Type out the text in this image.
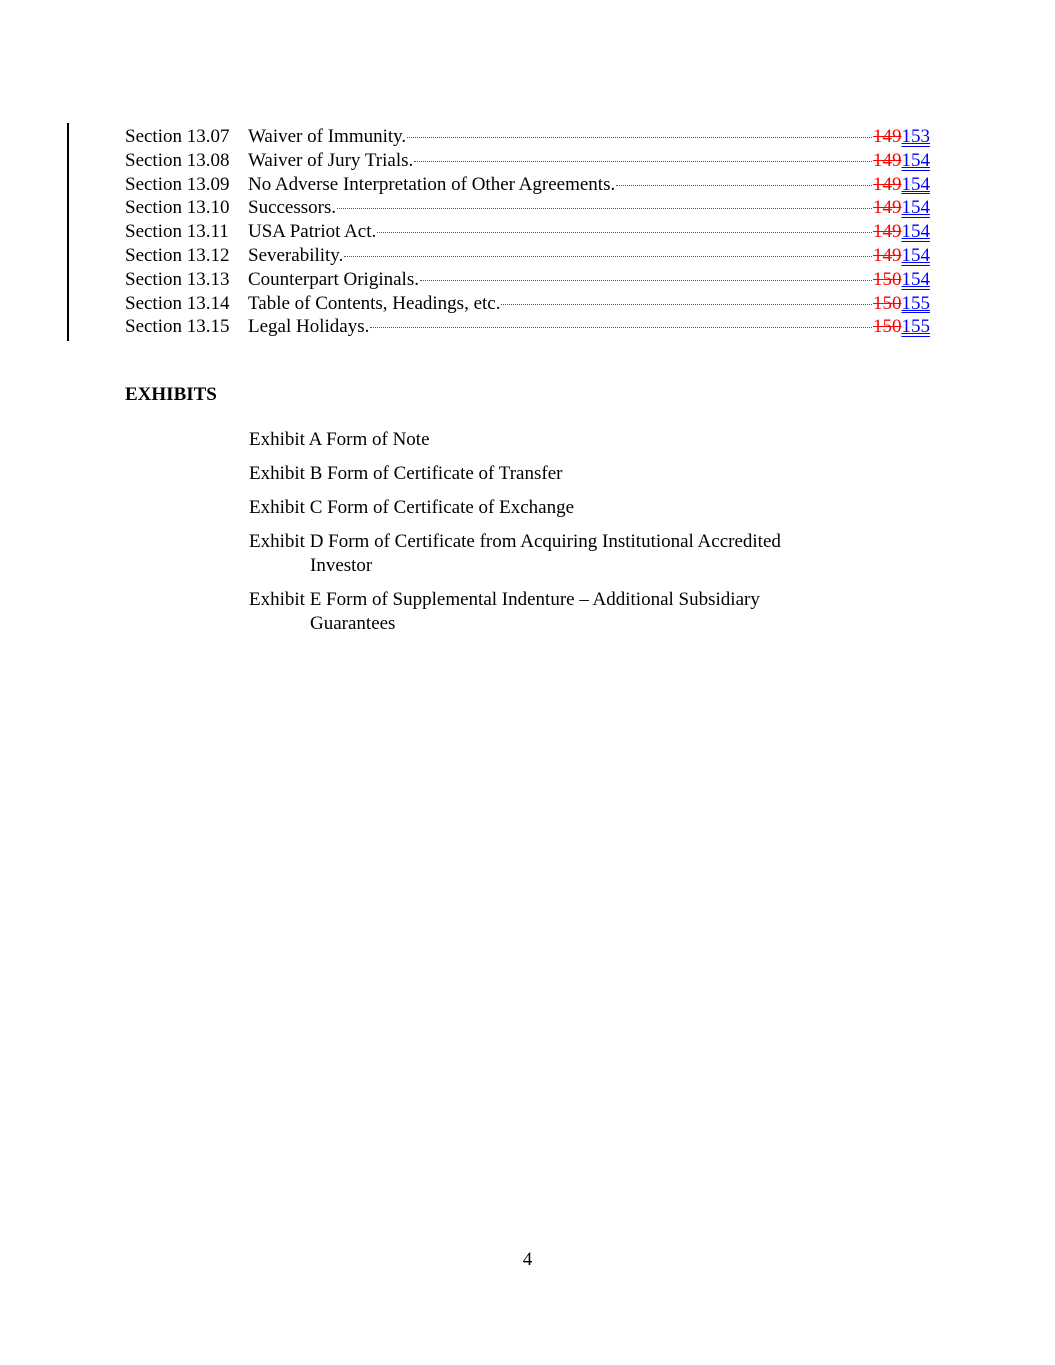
Section 13.07 Waiver of Immunity.	149 153
Section 13.08 Waiver of Jury Trials.	149 154
Section 13.09 No Adverse Interpretation of Other Agreements.	149 154
Section 13.10 Successors.	149 154
Section 13.11	USA Patriot Act.	149 154
Section 13.12 Severability.	149 154
Section 13.13 Counterpart Originals.	150 154
Section 13.14 Table of Contents, Headings, etc.	150 155
Section 13.15 Legal Holidays.	150 155
EXHIBITS
Exhibit A Form of Note
Exhibit B Form of Certificate of Transfer
Exhibit C Form of Certificate of Exchange
Exhibit D Form of Certificate from Acquiring Institutional Accredited
Investor
Exhibit E Form of Supplemental Indenture – Additional Subsidiary
Guarantees
4
